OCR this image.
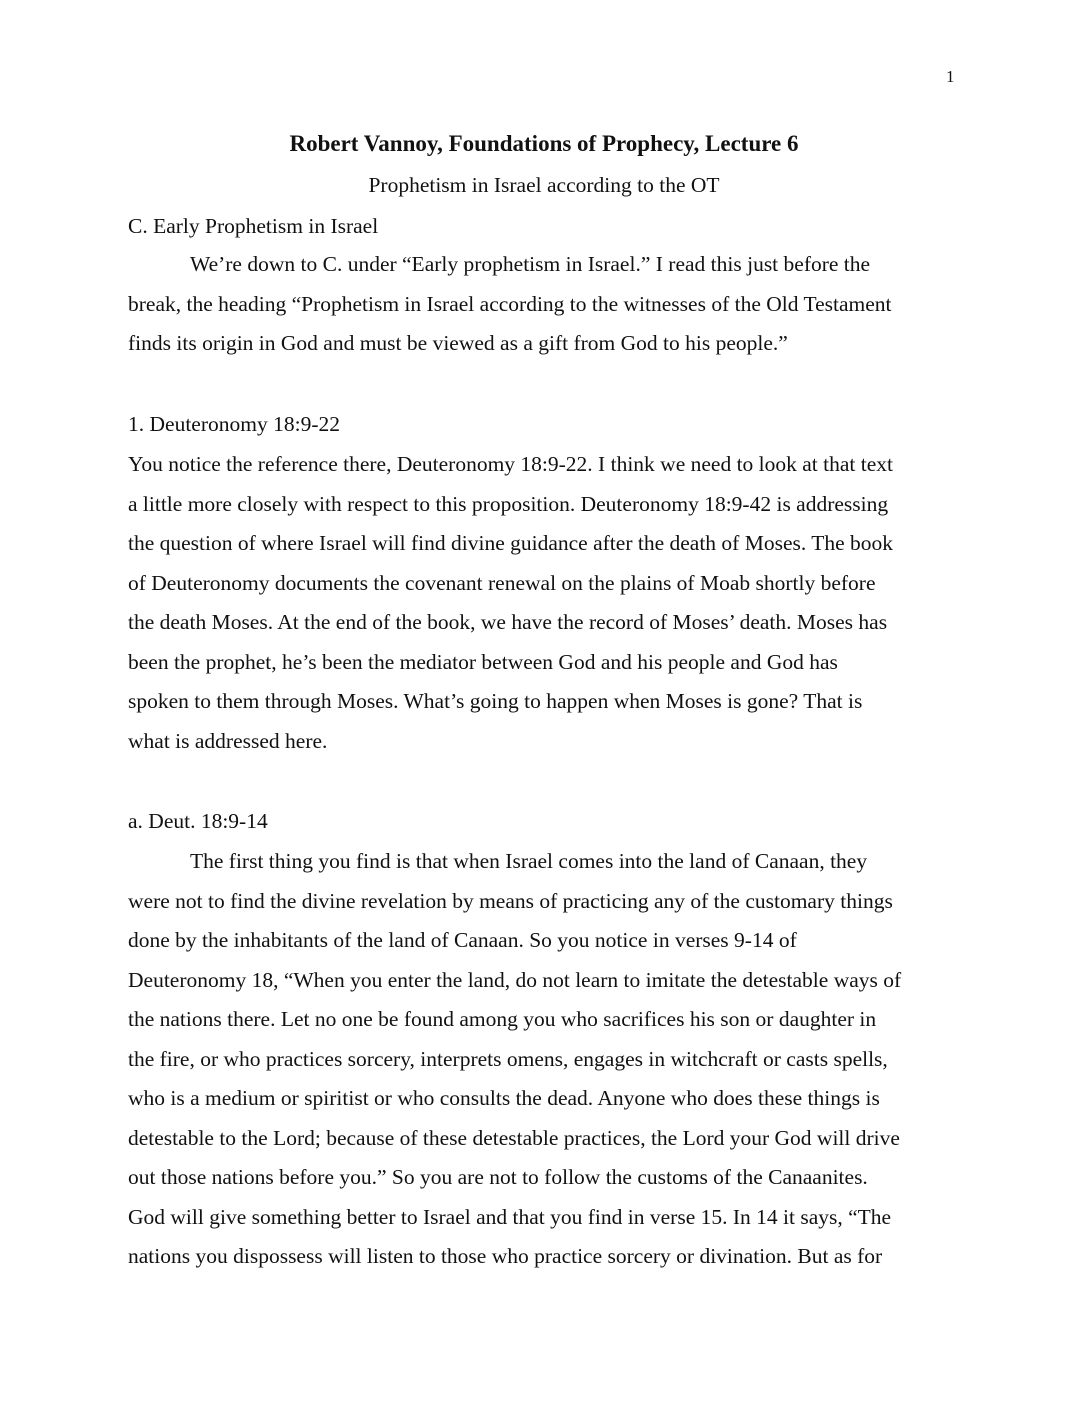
1
Robert Vannoy, Foundations of Prophecy, Lecture 6
Prophetism in Israel according to the OT
C. Early Prophetism in Israel
We’re down to C. under “Early prophetism in Israel.” I read this just before the
break, the heading “Prophetism in Israel according to the witnesses of the Old Testament
finds its origin in God and must be viewed as a gift from God to his people.”
1. Deuteronomy 18:9-22
You notice the reference there, Deuteronomy 18:9-22. I think we need to look at that text
a little more closely with respect to this proposition. Deuteronomy 18:9-42 is addressing
the question of where Israel will find divine guidance after the death of Moses. The book
of Deuteronomy documents the covenant renewal on the plains of Moab shortly before
the death Moses. At the end of the book, we have the record of Moses’ death. Moses has
been the prophet, he’s been the mediator between God and his people and God has
spoken to them through Moses. What’s going to happen when Moses is gone? That is
what is addressed here.
a. Deut. 18:9-14
The first thing you find is that when Israel comes into the land of Canaan, they
were not to find the divine revelation by means of practicing any of the customary things
done by the inhabitants of the land of Canaan. So you notice in verses 9-14 of
Deuteronomy 18, “When you enter the land, do not learn to imitate the detestable ways of
the nations there. Let no one be found among you who sacrifices his son or daughter in
the fire, or who practices sorcery, interprets omens, engages in witchcraft or casts spells,
who is a medium or spiritist or who consults the dead. Anyone who does these things is
detestable to the Lord; because of these detestable practices, the Lord your God will drive
out those nations before you.” So you are not to follow the customs of the Canaanites.
God will give something better to Israel and that you find in verse 15. In 14 it says, “The
nations you dispossess will listen to those who practice sorcery or divination. But as for
